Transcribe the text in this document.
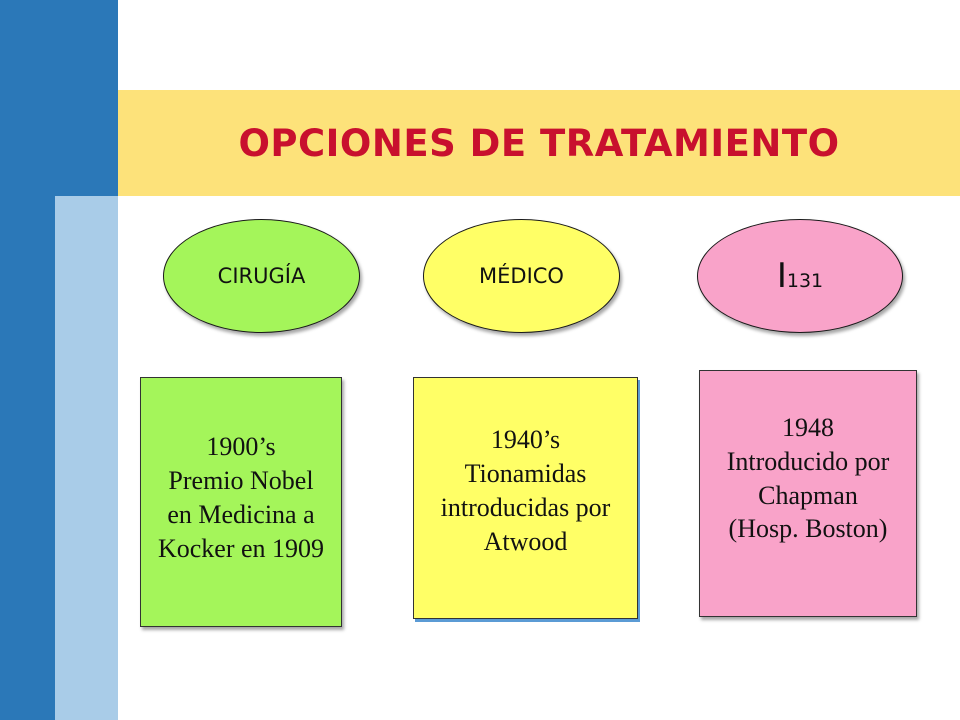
OPCIONES DE TRATAMIENTO
CIRUGÍA	MÉDICO	I131
1900’s
Premio Nobel
en Medicina a
Kocker en 1909
1940’s
Tionamidas
introducidas por
Atwood
1948
Introducido por
Chapman
(Hosp. Boston)
